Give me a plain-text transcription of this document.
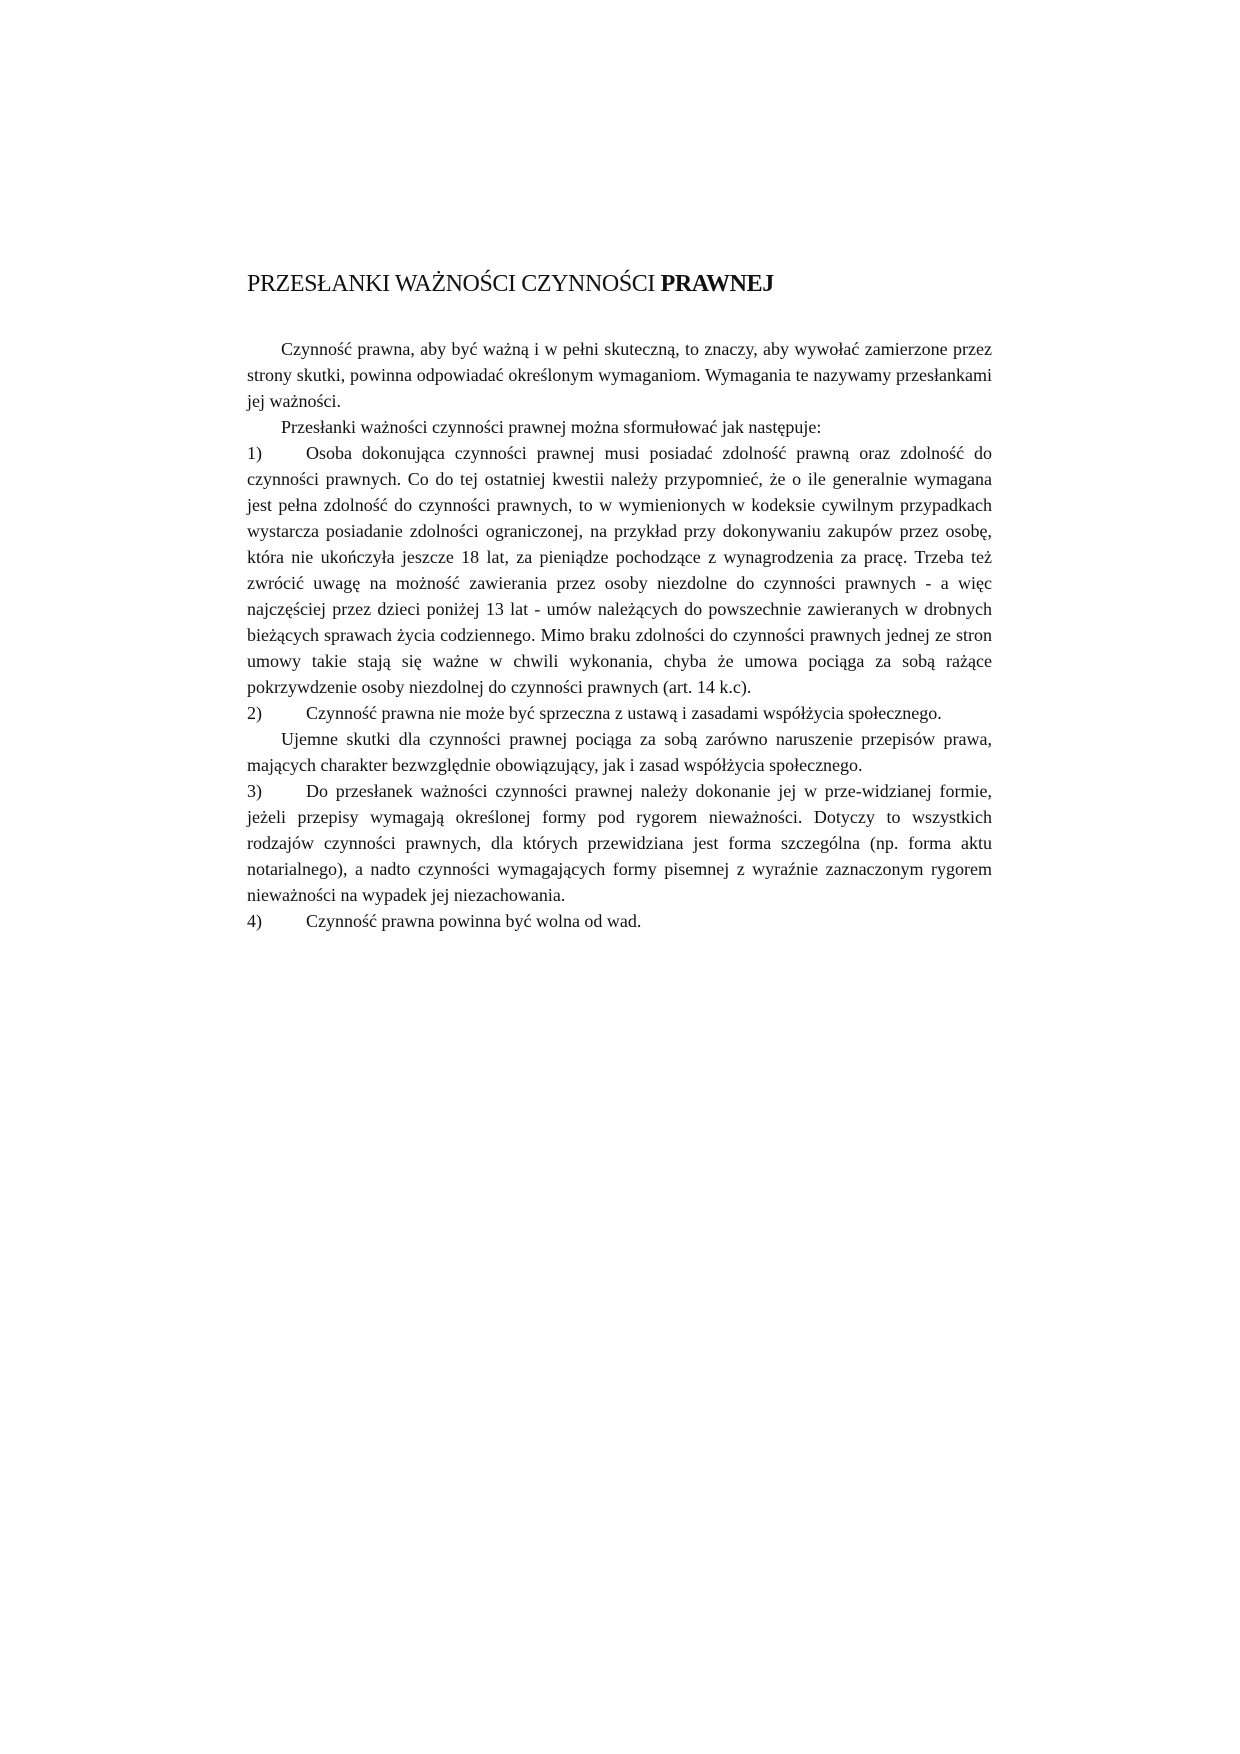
PRZESŁANKI WAŻNOŚCI CZYNNOŚCI PRAWNEJ

Czynność prawna, aby być ważną i w pełni skuteczną, to znaczy, aby wywołać zamierzone przez strony skutki, powinna odpowiadać określonym wymaganiom. Wymagania te nazywamy przesłankami jej ważności.

Przesłanki ważności czynności prawnej można sformułować jak następuje:

1)	Osoba dokonująca czynności prawnej musi posiadać zdolność prawną oraz zdolność do czynności prawnych. Co do tej ostatniej kwestii należy przypomnieć, że o ile generalnie wymagana jest pełna zdolność do czynności prawnych, to w wymienionych w kodeksie cywilnym przypadkach wystarcza posiadanie zdolności ograniczonej, na przykład przy dokonywaniu zakupów przez osobę, która nie ukończyła jeszcze 18 lat, za pieniądze pochodzące z wynagrodzenia za pracę. Trzeba też zwrócić uwagę na możność zawierania przez osoby niezdolne do czynności prawnych - a więc najczęściej przez dzieci poniżej 13 lat - umów należących do powszechnie zawieranych w drobnych bieżących sprawach życia codziennego. Mimo braku zdolności do czynności prawnych jednej ze stron umowy takie stają się ważne w chwili wykonania, chyba że umowa pociąga za sobą rażące pokrzywdzenie osoby niezdolnej do czynności prawnych (art. 14 k.c).
2)	Czynność prawna nie może być sprzeczna z ustawą i zasadami współżycia społecznego.

Ujemne skutki dla czynności prawnej pociąga za sobą zarówno naruszenie przepisów prawa, mających charakter bezwzględnie obowiązujący, jak i zasad współżycia społecznego.

3)	Do przesłanek ważności czynności prawnej należy dokonanie jej w prze-widzianej formie, jeżeli przepisy wymagają określonej formy pod rygorem nieważności. Dotyczy to wszystkich rodzajów czynności prawnych, dla których przewidziana jest forma szczególna (np. forma aktu notarialnego), a nadto czynności wymagających formy pisemnej z wyraźnie zaznaczonym rygorem nieważności na wypadek jej niezachowania.
4)	Czynność prawna powinna być wolna od wad.
